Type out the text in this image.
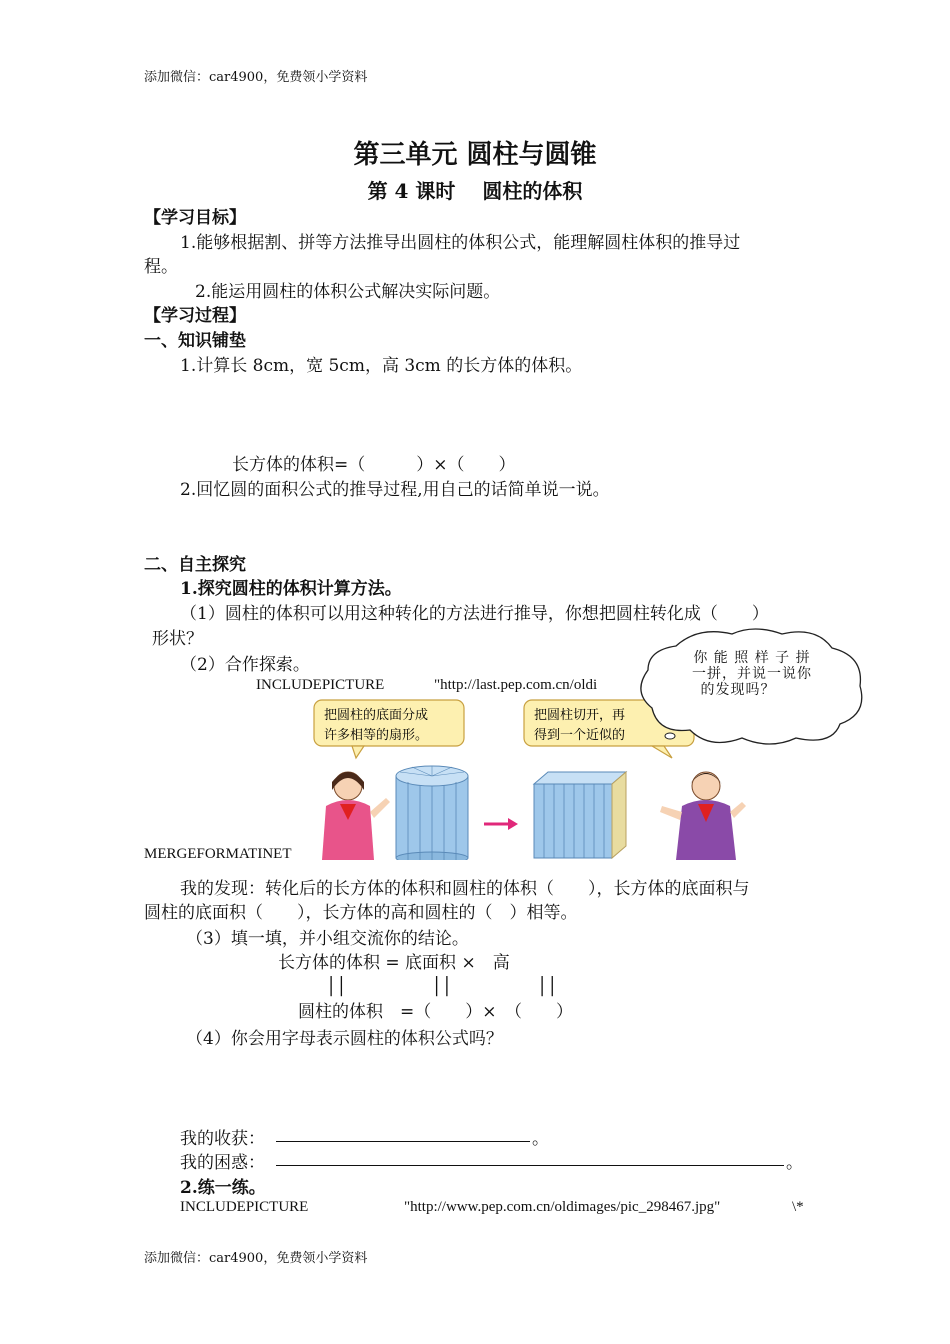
添加微信：car4900，免费领小学资料
第三单元 圆柱与圆锥
第 4 课时　 圆柱的体积
【学习目标】
1.能够根据割、拼等方法推导出圆柱的体积公式，能理解圆柱体积的推导过
程。
2.能运用圆柱的体积公式解决实际问题。
【学习过程】
一、知识铺垫
1.计算长 8cm，宽 5cm，高 3cm 的长方体的体积。
长方体的体积=（　　　）×（　　）
2.回忆圆的面积公式的推导过程,用自己的话简单说一说。
二、自主探究
1.探究圆柱的体积计算方法。
（1）圆柱的体积可以用这种转化的方法进行推导，你想把圆柱转化成（　　）
形状？
（2）合作探索。
INCLUDEPICTURE	"http://last.pep.com.cn/oldi
把圆柱的底面分成
许多相等的扇形。
把圆柱切开，再
得到一个近似的
你 能 照 样 子 拼
一拼，并说一说你
的发现吗？
MERGEFORMATINET
我的发现：转化后的长方体的体积和圆柱的体积（　　），长方体的底面积与
圆柱的底面积（　　），长方体的高和圆柱的（　）相等。
（3）填一填，并小组交流你的结论。
长方体的体积 = 底面积 ×　高
││　　　　　││　　　　　││
圆柱的体积　=（　　）×　（　　）
（4）你会用字母表示圆柱的体积公式吗？
我的收获：	。
我的困惑：	。
2.练一练。
INCLUDEPICTURE	"http://www.pep.com.cn/oldimages/pic_298467.jpg"	\*
添加微信：car4900，免费领小学资料
